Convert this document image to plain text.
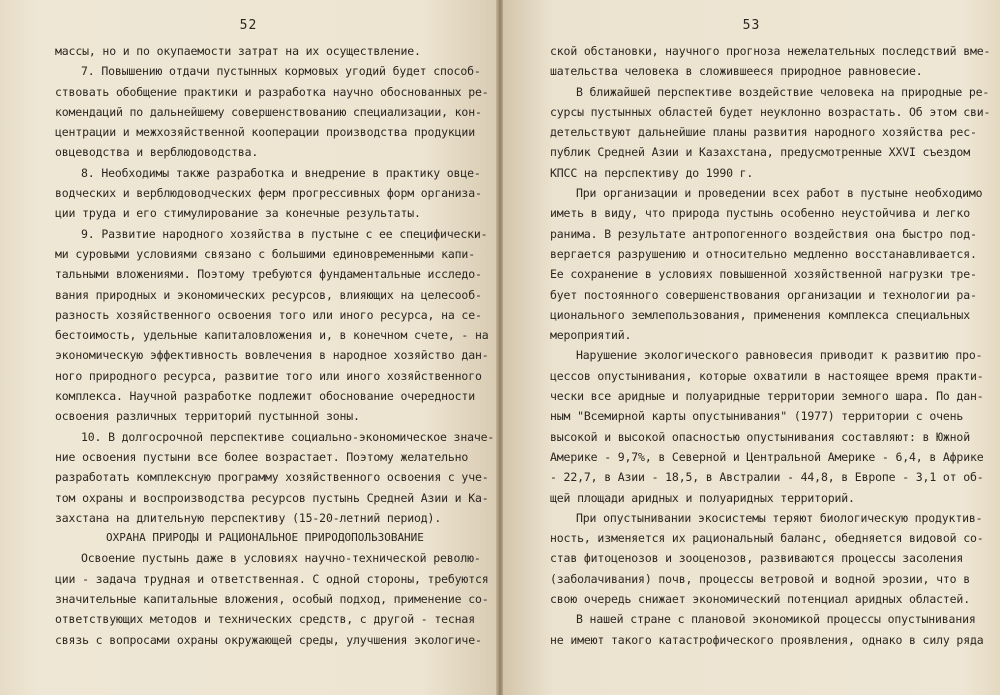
52
массы, но и по окупаемости затрат на их осуществление.
7. Повышению отдачи пустынных кормовых угодий будет способ-
ствовать обобщение практики и разработка научно обоснованных ре-
комендаций по дальнейшему совершенствованию специализации, кон-
центрации и межхозяйственной кооперации производства продукции
овцеводства и верблюдоводства.
8. Необходимы также разработка и внедрение в практику овце-
водческих и верблюдоводческих ферм прогрессивных форм организа-
ции труда и его стимулирование за конечные результаты.
9. Развитие народного хозяйства в пустыне с ее специфически-
ми суровыми условиями связано с большими единовременными капи-
тальными вложениями. Поэтому требуются фундаментальные исследо-
вания природных и экономических ресурсов, влияющих на целесооб-
разность хозяйственного освоения того или иного ресурса, на се-
бестоимость, удельные капиталовложения и, в конечном счете, - на
экономическую эффективность вовлечения в народное хозяйство дан-
ного природного ресурса, развитие того или иного хозяйственного
комплекса. Научной разработке подлежит обоснование очередности
освоения различных территорий пустынной зоны.
10. В долгосрочной перспективе социально-экономическое значе-
ние освоения пустыни все более возрастает. Поэтому желательно
разработать комплексную программу хозяйственного освоения с уче-
том охраны и воспроизводства ресурсов пустынь Средней Азии и Ка-
захстана на длительную перспективу (15-20-летний период).
ОХРАНА ПРИРОДЫ И РАЦИОНАЛЬНОЕ ПРИРОДОПОЛЬЗОВАНИЕ
Освоение пустынь даже в условиях научно-технической револю-
ции - задача трудная и ответственная. С одной стороны, требуются
значительные капитальные вложения, особый подход, применение со-
ответствующих методов и технических средств, с другой - тесная
связь с вопросами охраны окружающей среды, улучшения экологиче-
53
ской обстановки, научного прогноза нежелательных последствий вме-
шательства человека в сложившееся природное равновесие.
В ближайшей перспективе воздействие человека на природные ре-
сурсы пустынных областей будет неуклонно возрастать. Об этом сви-
детельствуют дальнейшие планы развития народного хозяйства рес-
публик Средней Азии и Казахстана, предусмотренные XXVI съездом
КПСС на перспективу до 1990 г.
При организации и проведении всех работ в пустыне необходимо
иметь в виду, что природа пустынь особенно неустойчива и легко
ранима. В результате антропогенного воздействия она быстро под-
вергается разрушению и относительно медленно восстанавливается.
Ее сохранение в условиях повышенной хозяйственной нагрузки тре-
бует постоянного совершенствования организации и технологии ра-
ционального землепользования, применения комплекса специальных
мероприятий.
Нарушение экологического равновесия приводит к развитию про-
цессов опустынивания, которые охватили в настоящее время практи-
чески все аридные и полуаридные территории земного шара. По дан-
ным "Всемирной карты опустынивания" (1977) территории с очень
высокой и высокой опасностью опустынивания составляют: в Южной
Америке - 9,7%, в Северной и Центральной Америке - 6,4, в Африке
- 22,7, в Азии - 18,5, в Австралии - 44,8, в Европе - 3,1 от об-
щей площади аридных и полуаридных территорий.
При опустынивании экосистемы теряют биологическую продуктив-
ность, изменяется их рациональный баланс, обедняется видовой со-
став фитоценозов и зооценозов, развиваются процессы засоления
(заболачивания) почв, процессы ветровой и водной эрозии, что в
свою очередь снижает экономический потенциал аридных областей.
В нашей стране с плановой экономикой процессы опустынивания
не имеют такого катастрофического проявления, однако в силу ряда
